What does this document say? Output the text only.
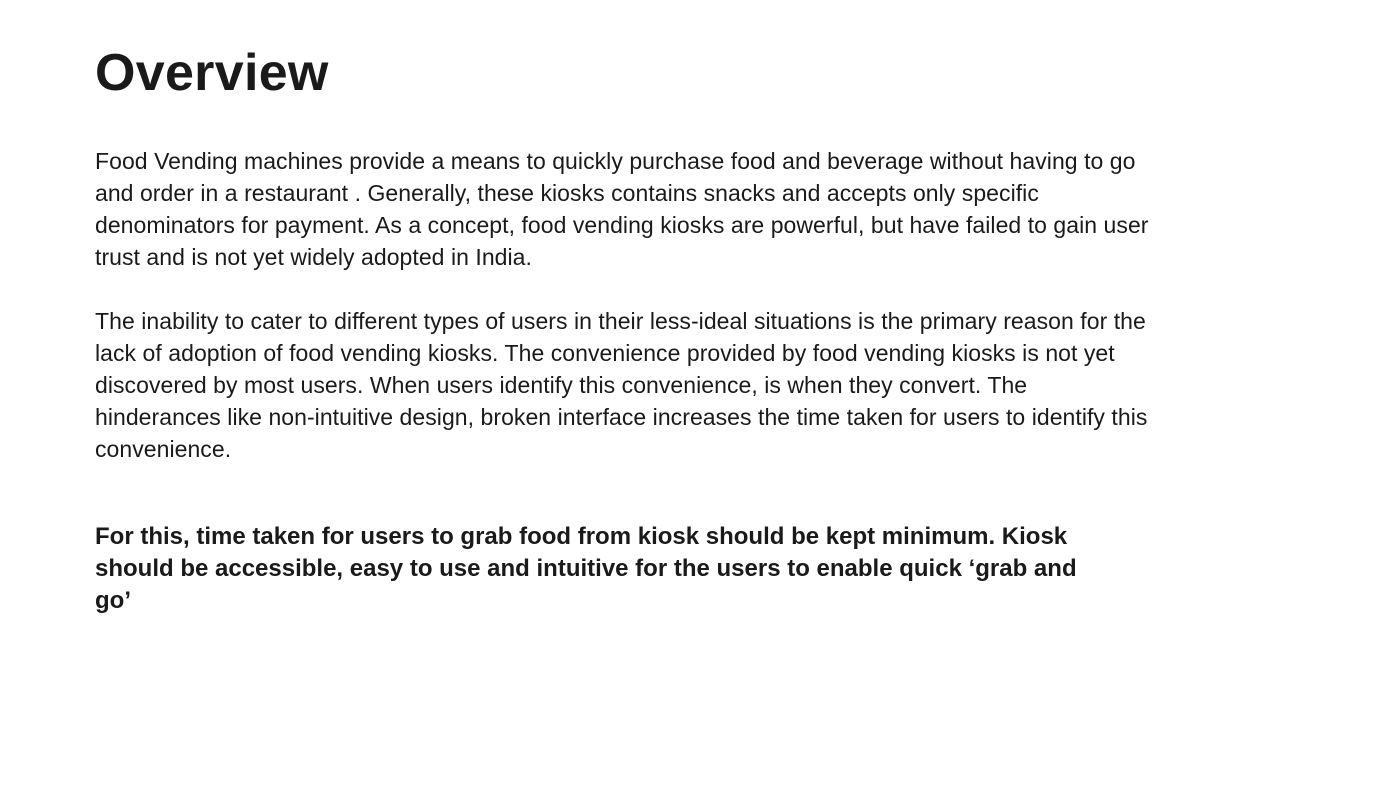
Overview

Food Vending machines provide a means to quickly purchase food and beverage without having to go and order in a restaurant . Generally, these kiosks contains snacks and accepts only specific denominators for payment. As a concept, food vending kiosks are powerful, but have failed to gain user trust and is not yet widely adopted in India.

The inability to cater to different types of users in their less-ideal situations is the primary reason for the lack of adoption of food vending kiosks. The convenience provided by food vending kiosks is not yet discovered by most users. When users identify this convenience, is when they convert. The hinderances like non-intuitive design, broken interface increases the time taken for users to identify this convenience.

For this, time taken for users to grab food from kiosk should be kept minimum. Kiosk should be accessible, easy to use and intuitive for the users to enable quick ‘grab and go’
